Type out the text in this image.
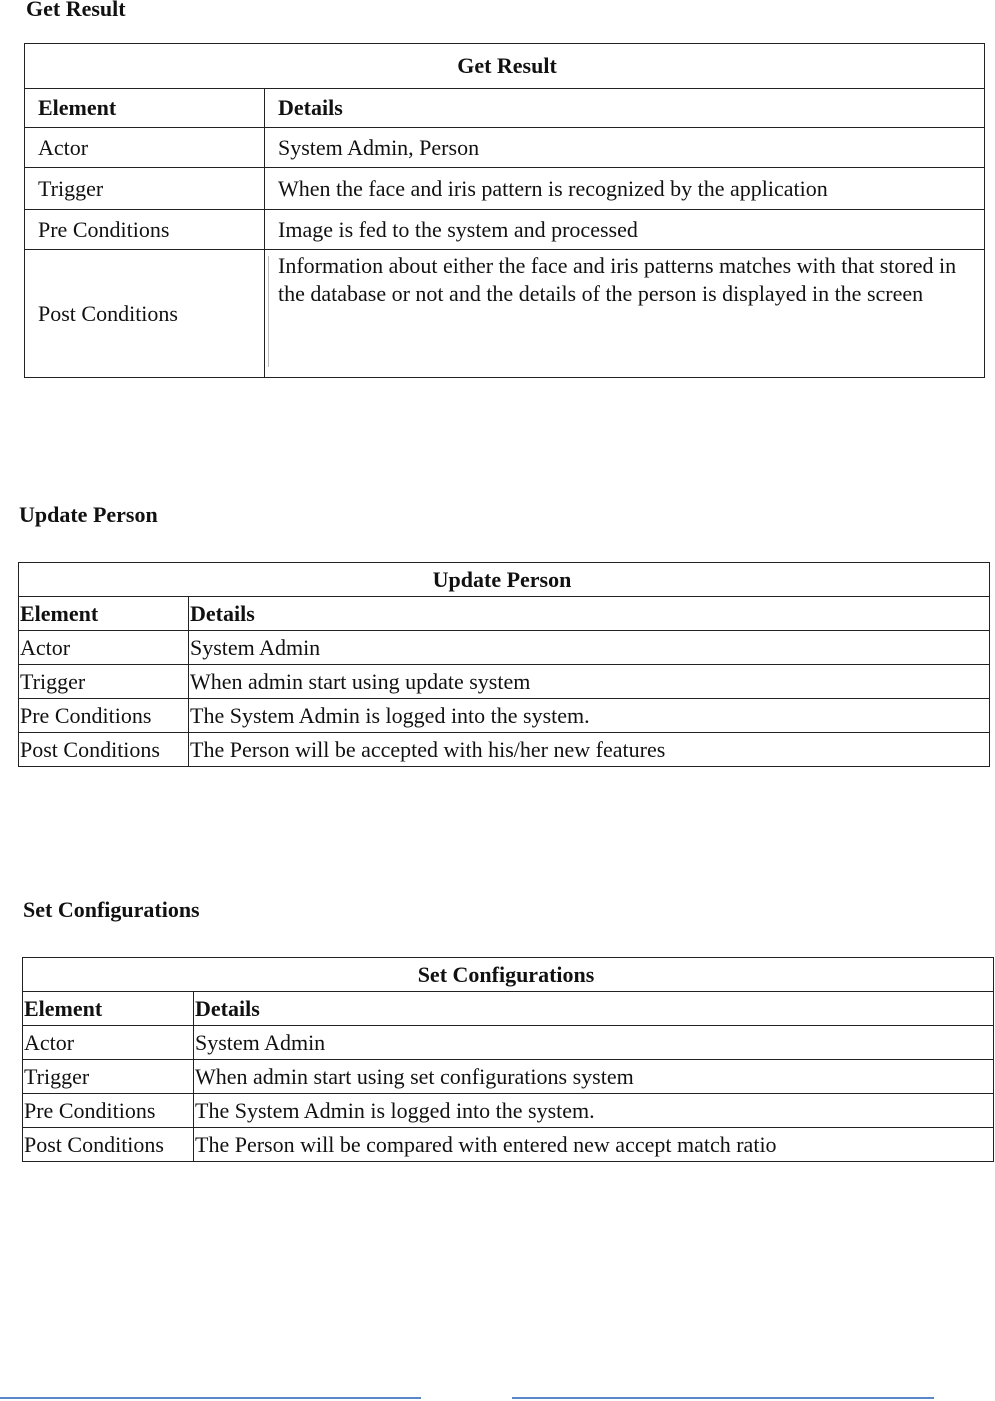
Get Result
Get Result	
Element	Details
Actor	System Admin, Person
Trigger	When the face and iris pattern is recognized by the application
Pre Conditions	Image is fed to the system and processed
Post Conditions	Information about either the face and iris patterns matches with that stored in the database or not and the details of the person is displayed in the screen
Update Person
Update Person	
Element	Details
Actor	System Admin
Trigger	When admin start using update system
Pre Conditions	The System Admin is logged into the system.
Post Conditions	The Person will be accepted with his/her new features
Set Configurations
Set Configurations	
Element	Details
Actor	System Admin
Trigger	When admin start using set configurations system
Pre Conditions	The System Admin is logged into the system.
Post Conditions	The Person will be compared with entered new accept match ratio
